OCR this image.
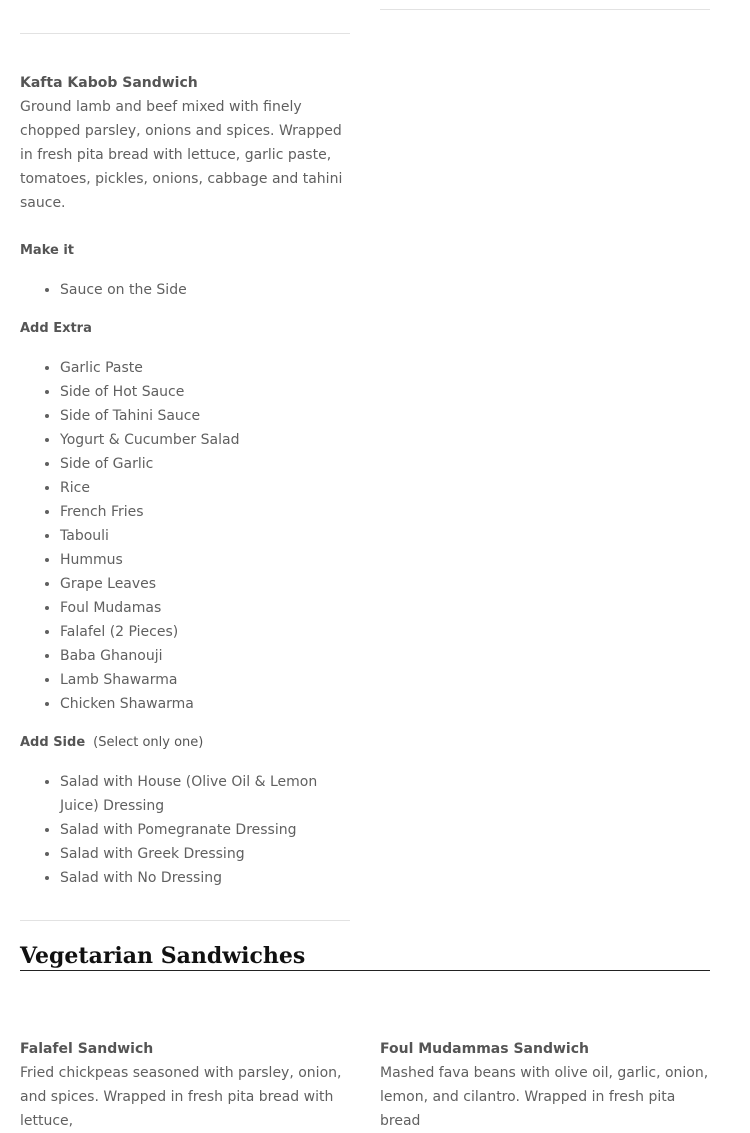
Kafta Kabob Sandwich

Ground lamb and beef mixed with finely chopped parsley, onions and spices. Wrapped in fresh pita bread with lettuce, garlic paste, tomatoes, pickles, onions, cabbage and tahini sauce.

Make it

• Sauce on the Side

Add Extra

• Garlic Paste
• Side of Hot Sauce
• Side of Tahini Sauce
• Yogurt & Cucumber Salad
• Side of Garlic
• Rice
• French Fries
• Tabouli
• Hummus
• Grape Leaves
• Foul Mudamas
• Falafel (2 Pieces)
• Baba Ghanouji
• Lamb Shawarma
• Chicken Shawarma

Add Side (Select only one)

• Salad with House (Olive Oil & Lemon Juice) Dressing
• Salad with Pomegranate Dressing
• Salad with Greek Dressing
• Salad with No Dressing
Vegetarian Sandwiches

Falafel Sandwich

Fried chickpeas seasoned with parsley, onion, and spices. Wrapped in fresh pita bread with lettuce,

Foul Mudammas Sandwich

Mashed fava beans with olive oil, garlic, onion, lemon, and cilantro. Wrapped in fresh pita bread
